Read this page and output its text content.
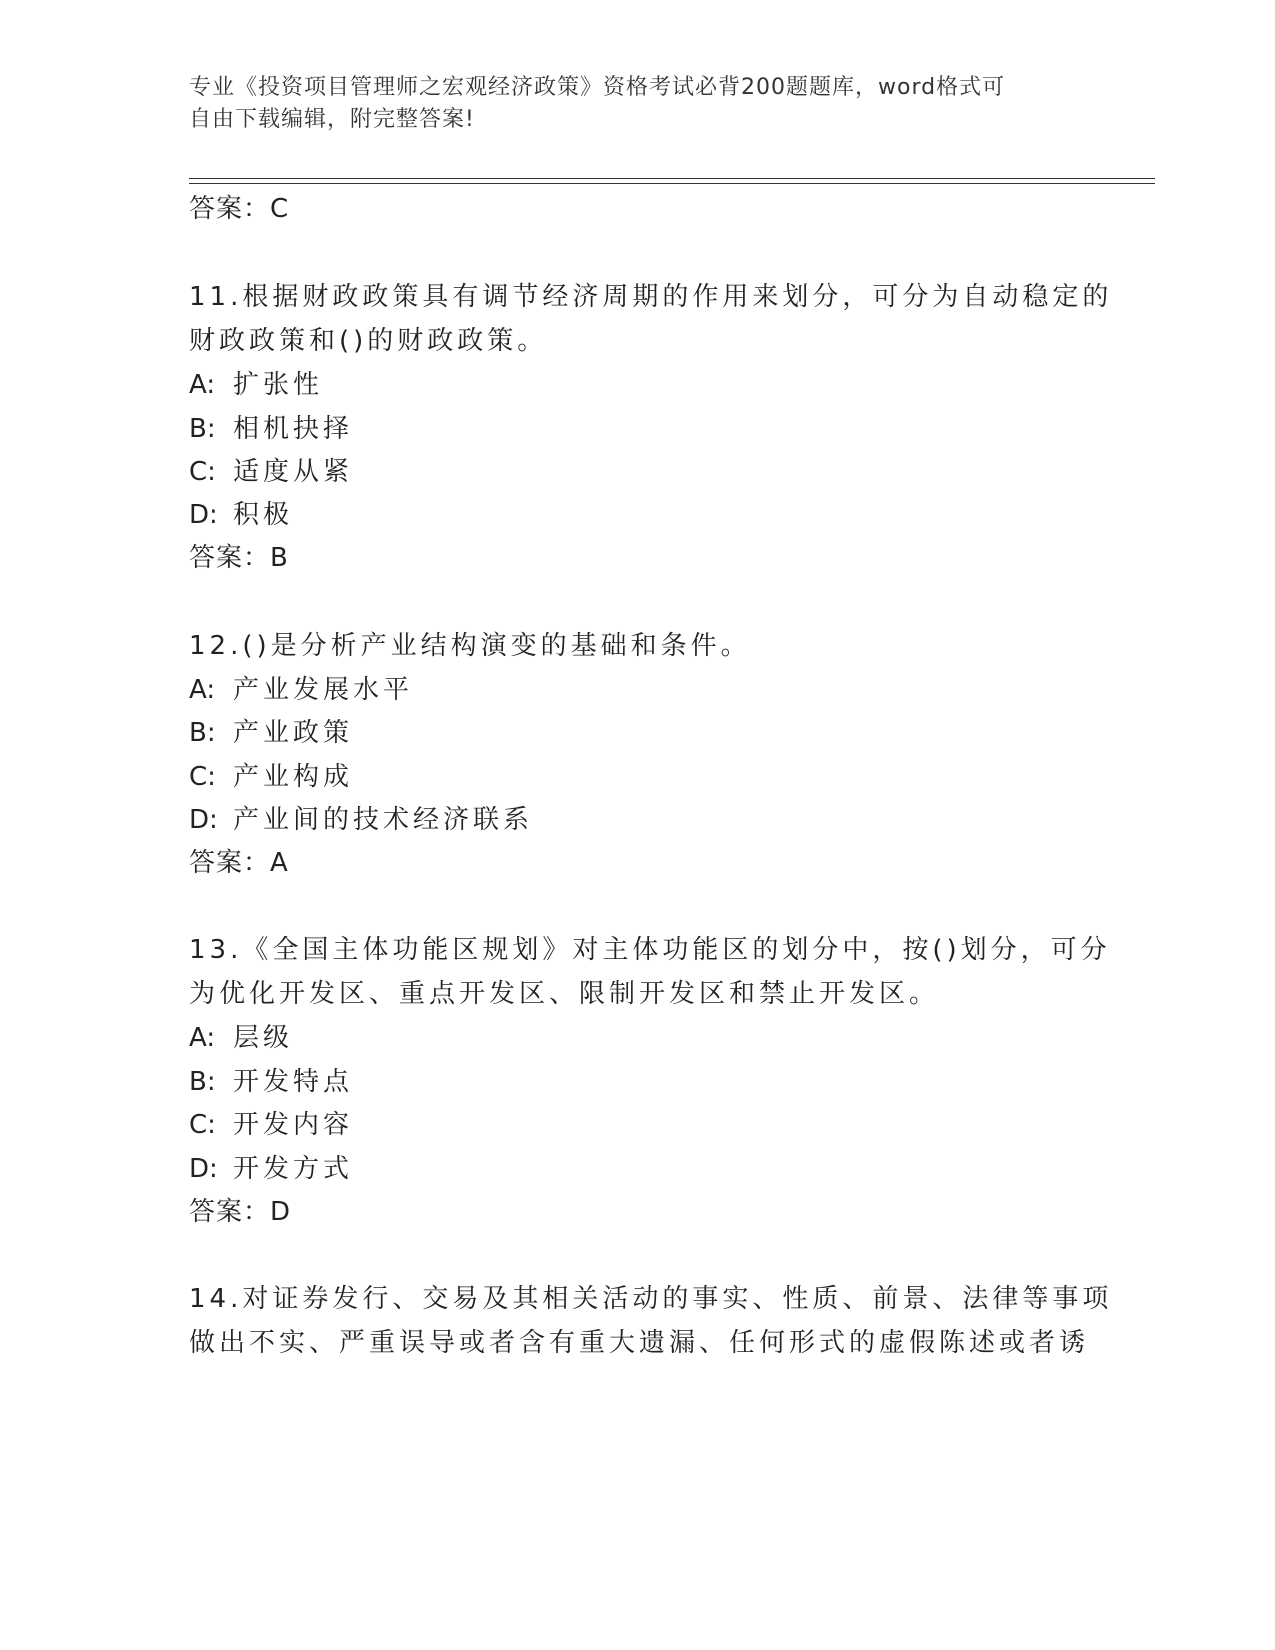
专业《投资项目管理师之宏观经济政策》资格考试必背200题题库，word格式可
自由下载编辑，附完整答案!
答案：C
11.根据财政政策具有调节经济周期的作用来划分，可分为自动稳定的
财政政策和()的财政政策。
A: 扩张性
B: 相机抉择
C: 适度从紧
D: 积极
答案：B
12.()是分析产业结构演变的基础和条件。
A: 产业发展水平
B: 产业政策
C: 产业构成
D: 产业间的技术经济联系
答案：A
13.《全国主体功能区规划》对主体功能区的划分中，按()划分，可分
为优化开发区、重点开发区、限制开发区和禁止开发区。
A: 层级
B: 开发特点
C: 开发内容
D: 开发方式
答案：D
14.对证券发行、交易及其相关活动的事实、性质、前景、法律等事项
做出不实、严重误导或者含有重大遗漏、任何形式的虚假陈述或者诱
